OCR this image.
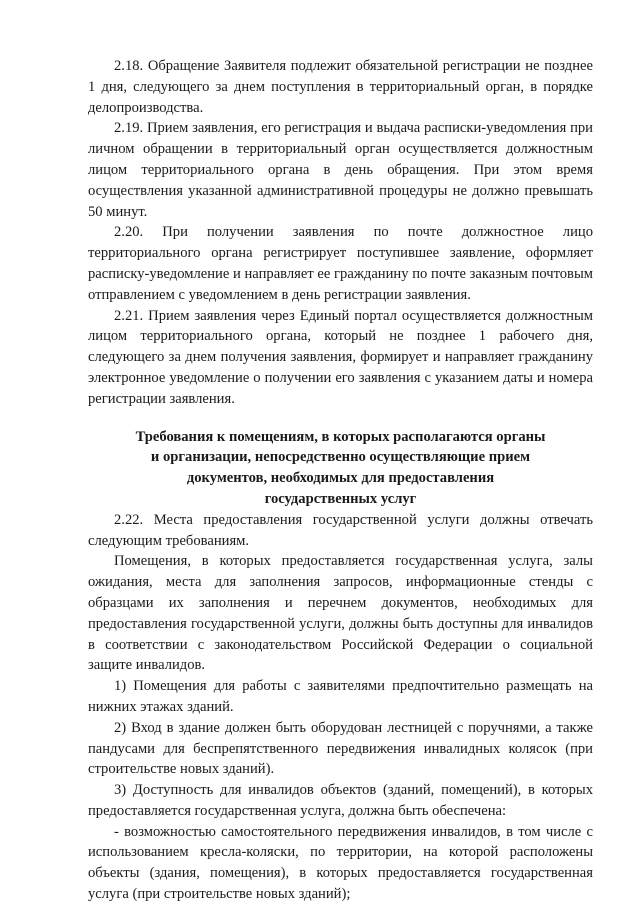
2.18. Обращение Заявителя подлежит обязательной регистрации не позднее 1 дня, следующего за днем поступления в территориальный орган, в порядке делопроизводства.

2.19. Прием заявления, его регистрация и выдача расписки-уведомления при личном обращении в территориальный орган осуществляется должностным лицом территориального органа в день обращения. При этом время осуществления указанной административной процедуры не должно превышать 50 минут.

2.20. При получении заявления по почте должностное лицо территориального органа регистрирует поступившее заявление, оформляет расписку-уведомление и направляет ее гражданину по почте заказным почтовым отправлением с уведомлением в день регистрации заявления.

2.21. Прием заявления через Единый портал осуществляется должностным лицом территориального органа, который не позднее 1 рабочего дня, следующего за днем получения заявления, формирует и направляет гражданину электронное уведомление о получении его заявления с указанием даты и номера регистрации заявления.

Требования к помещениям, в которых располагаются органы
и организации, непосредственно осуществляющие прием
документов, необходимых для предоставления
государственных услуг

2.22. Места предоставления государственной услуги должны отвечать следующим требованиям.

Помещения, в которых предоставляется государственная услуга, залы ожидания, места для заполнения запросов, информационные стенды с образцами их заполнения и перечнем документов, необходимых для предоставления государственной услуги, должны быть доступны для инвалидов в соответствии с законодательством Российской Федерации о социальной защите инвалидов.

1) Помещения для работы с заявителями предпочтительно размещать на нижних этажах зданий.

2) Вход в здание должен быть оборудован лестницей с поручнями, а также пандусами для беспрепятственного передвижения инвалидных колясок (при строительстве новых зданий).

3) Доступность для инвалидов объектов (зданий, помещений), в которых предоставляется государственная услуга, должна быть обеспечена:

- возможностью самостоятельного передвижения инвалидов, в том числе с использованием кресла-коляски, по территории, на которой расположены объекты (здания, помещения), в которых предоставляется государственная услуга (при строительстве новых зданий);
